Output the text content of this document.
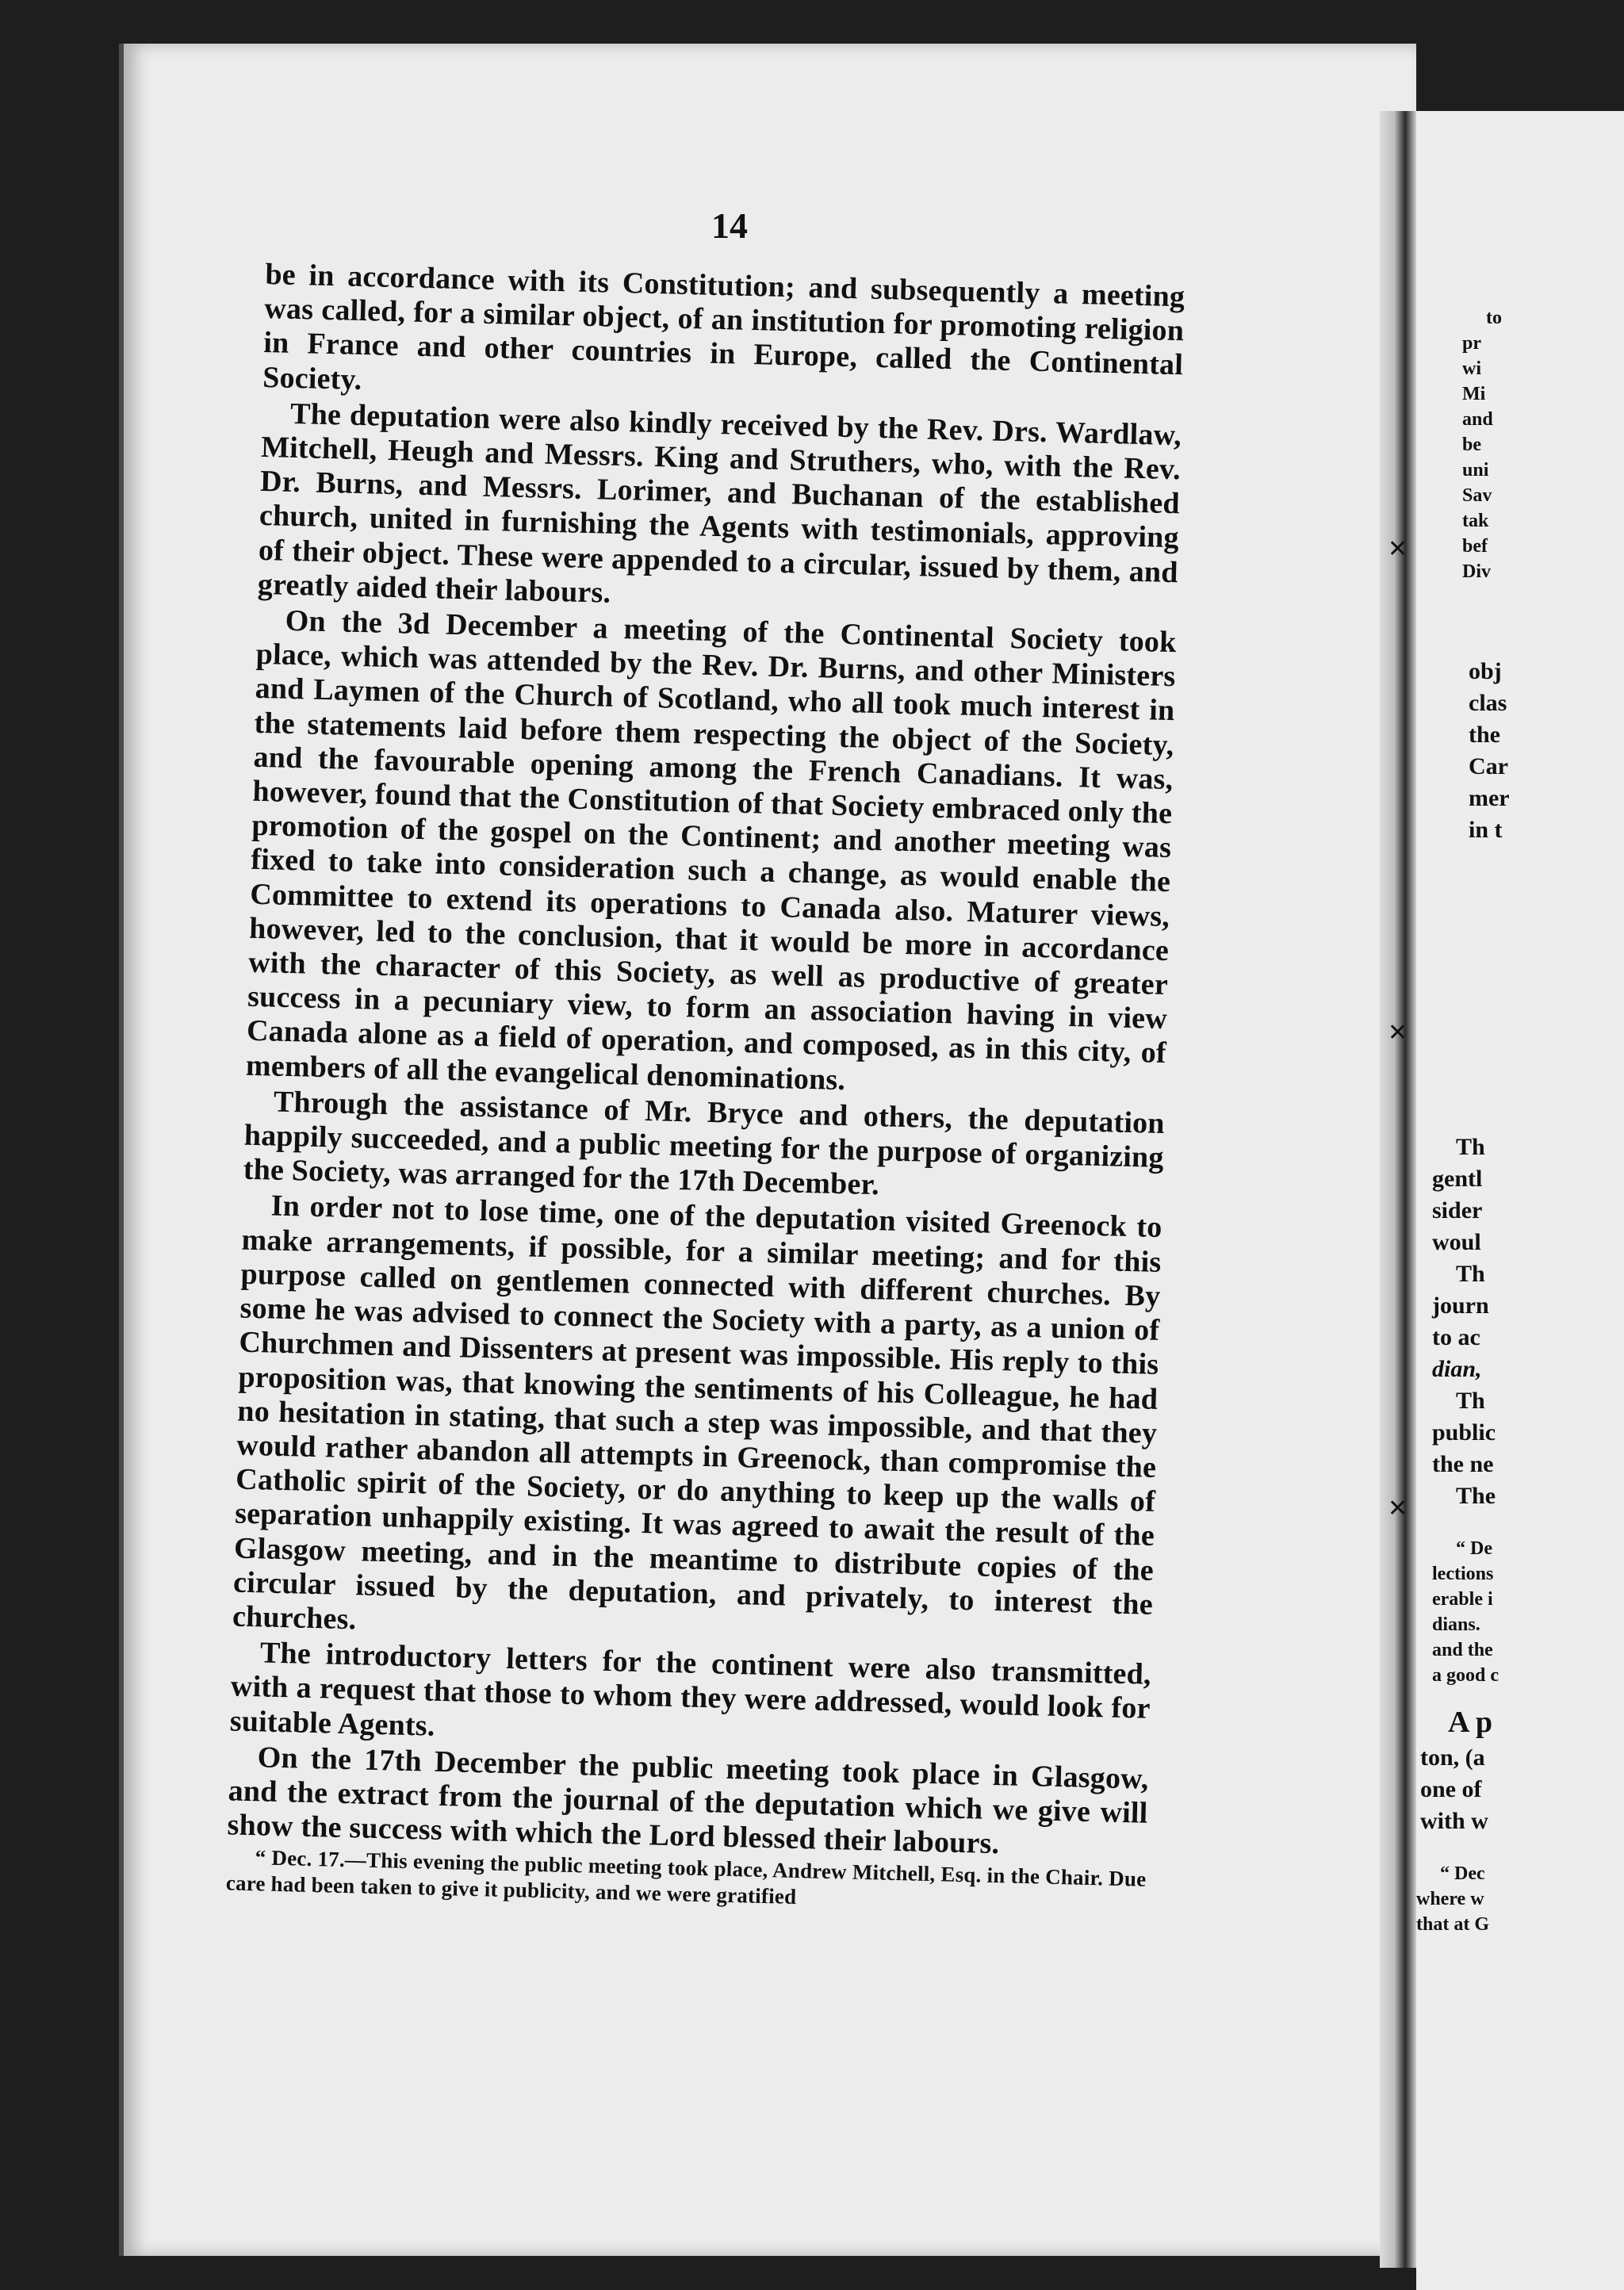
14

be in accordance with its Constitution; and subsequently a meeting was called, for a similar object, of an institution for promoting religion in France and other countries in Europe, called the Continental Society.

The deputation were also kindly received by the Rev. Drs. Wardlaw, Mitchell, Heugh and Messrs. King and Struthers, who, with the Rev. Dr. Burns, and Messrs. Lorimer, and Buchanan of the established church, united in furnishing the Agents with testimonials, approving of their object. These were appended to a circular, issued by them, and greatly aided their labours.

On the 3d December a meeting of the Continental Society took place, which was attended by the Rev. Dr. Burns, and other Ministers and Laymen of the Church of Scotland, who all took much interest in the statements laid before them respecting the object of the Society, and the favourable opening among the French Canadians. It was, however, found that the Constitution of that Society embraced only the promotion of the gospel on the Continent; and another meeting was fixed to take into consideration such a change, as would enable the Committee to extend its operations to Canada also. Maturer views, however, led to the conclusion, that it would be more in accordance with the character of this Society, as well as productive of greater success in a pecuniary view, to form an association having in view Canada alone as a field of operation, and composed, as in this city, of members of all the evangelical denominations.

Through the assistance of Mr. Bryce and others, the deputation happily succeeded, and a public meeting for the purpose of organizing the Society, was arranged for the 17th December.

In order not to lose time, one of the deputation visited Greenock to make arrangements, if possible, for a similar meeting; and for this purpose called on gentlemen connected with different churches. By some he was advised to connect the Society with a party, as a union of Churchmen and Dissenters at present was impossible. His reply to this proposition was, that knowing the sentiments of his Colleague, he had no hesitation in stating, that such a step was impossible, and that they would rather abandon all attempts in Greenock, than compromise the Catholic spirit of the Society, or do anything to keep up the walls of separation unhappily existing. It was agreed to await the result of the Glasgow meeting, and in the meantime to distribute copies of the circular issued by the deputation, and privately, to interest the churches.

The introductory letters for the continent were also transmitted, with a request that those to whom they were addressed, would look for suitable Agents.

On the 17th December the public meeting took place in Glasgow, and the extract from the journal of the deputation which we give will show the success with which the Lord blessed their labours.

“ Dec. 17.—This evening the public meeting took place, Andrew Mitchell, Esq. in the Chair. Due care had been taken to give it publicity, and we were gratified

✕
✕
✕
to
pr
wi
Mi
and
be
uni
Sav
tak
bef
Div
obj
clas
the
Car
mer
in t
Th
gentl
sider
woul
Th
journ
to ac
dian,
Th
public
the ne
The
“ De
lections
erable i
dians.
and the
a good c
A p
ton, (a
one of
with w
“ Dec
where w
that at G
